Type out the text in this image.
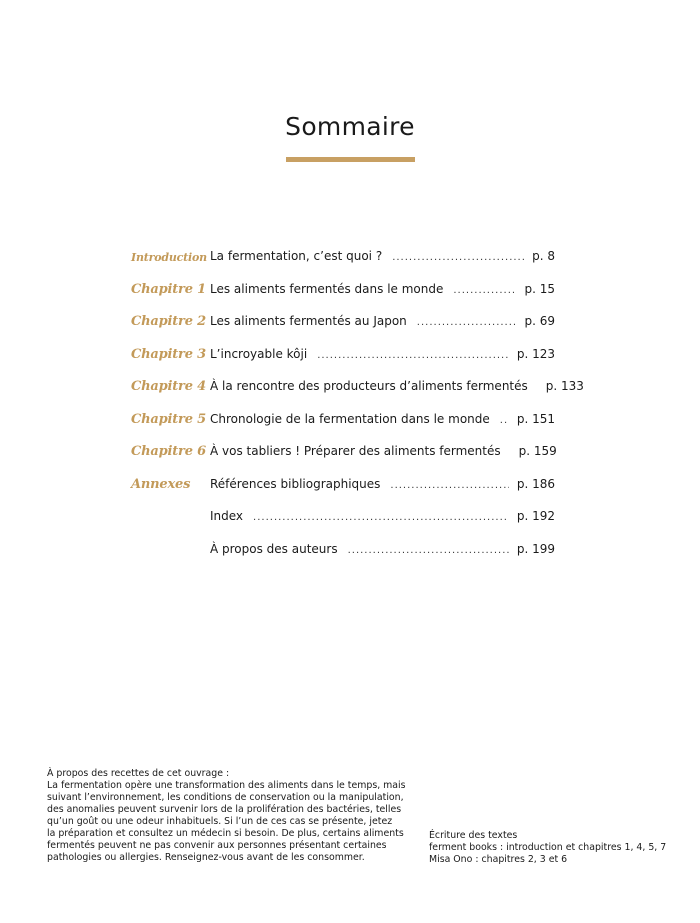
Sommaire
Introduction La fermentation, c’est quoi ? .....	p. 8
Chapitre 1 Les aliments fermentés dans le monde .....	p. 15
Chapitre 2 Les aliments fermentés au Japon .....	p. 69
Chapitre 3 L’incroyable kôji .....	p. 123
Chapitre 4 À la rencontre des producteurs d’aliments fermentés p. 133
Chapitre 5 Chronologie de la fermentation dans le monde ..... p. 151
Chapitre 6 À vos tabliers ! Préparer des aliments fermentés p. 159
Annexes	Références bibliographiques .....	p. 186
Index .....	p. 192
À propos des auteurs .....	p. 199
À propos des recettes de cet ouvrage :
La fermentation opère une transformation des aliments dans le temps, mais
suivant l’environnement, les conditions de conservation ou la manipulation,
des anomalies peuvent survenir lors de la prolifération des bactéries, telles
qu’un goût ou une odeur inhabituels. Si l’un de ces cas se présente, jetez
la préparation et consultez un médecin si besoin. De plus, certains aliments
fermentés peuvent ne pas convenir aux personnes présentant certaines
pathologies ou allergies. Renseignez-vous avant de les consommer.
Écriture des textes
ferment books : introduction et chapitres 1, 4, 5, 7
Misa Ono : chapitres 2, 3 et 6
